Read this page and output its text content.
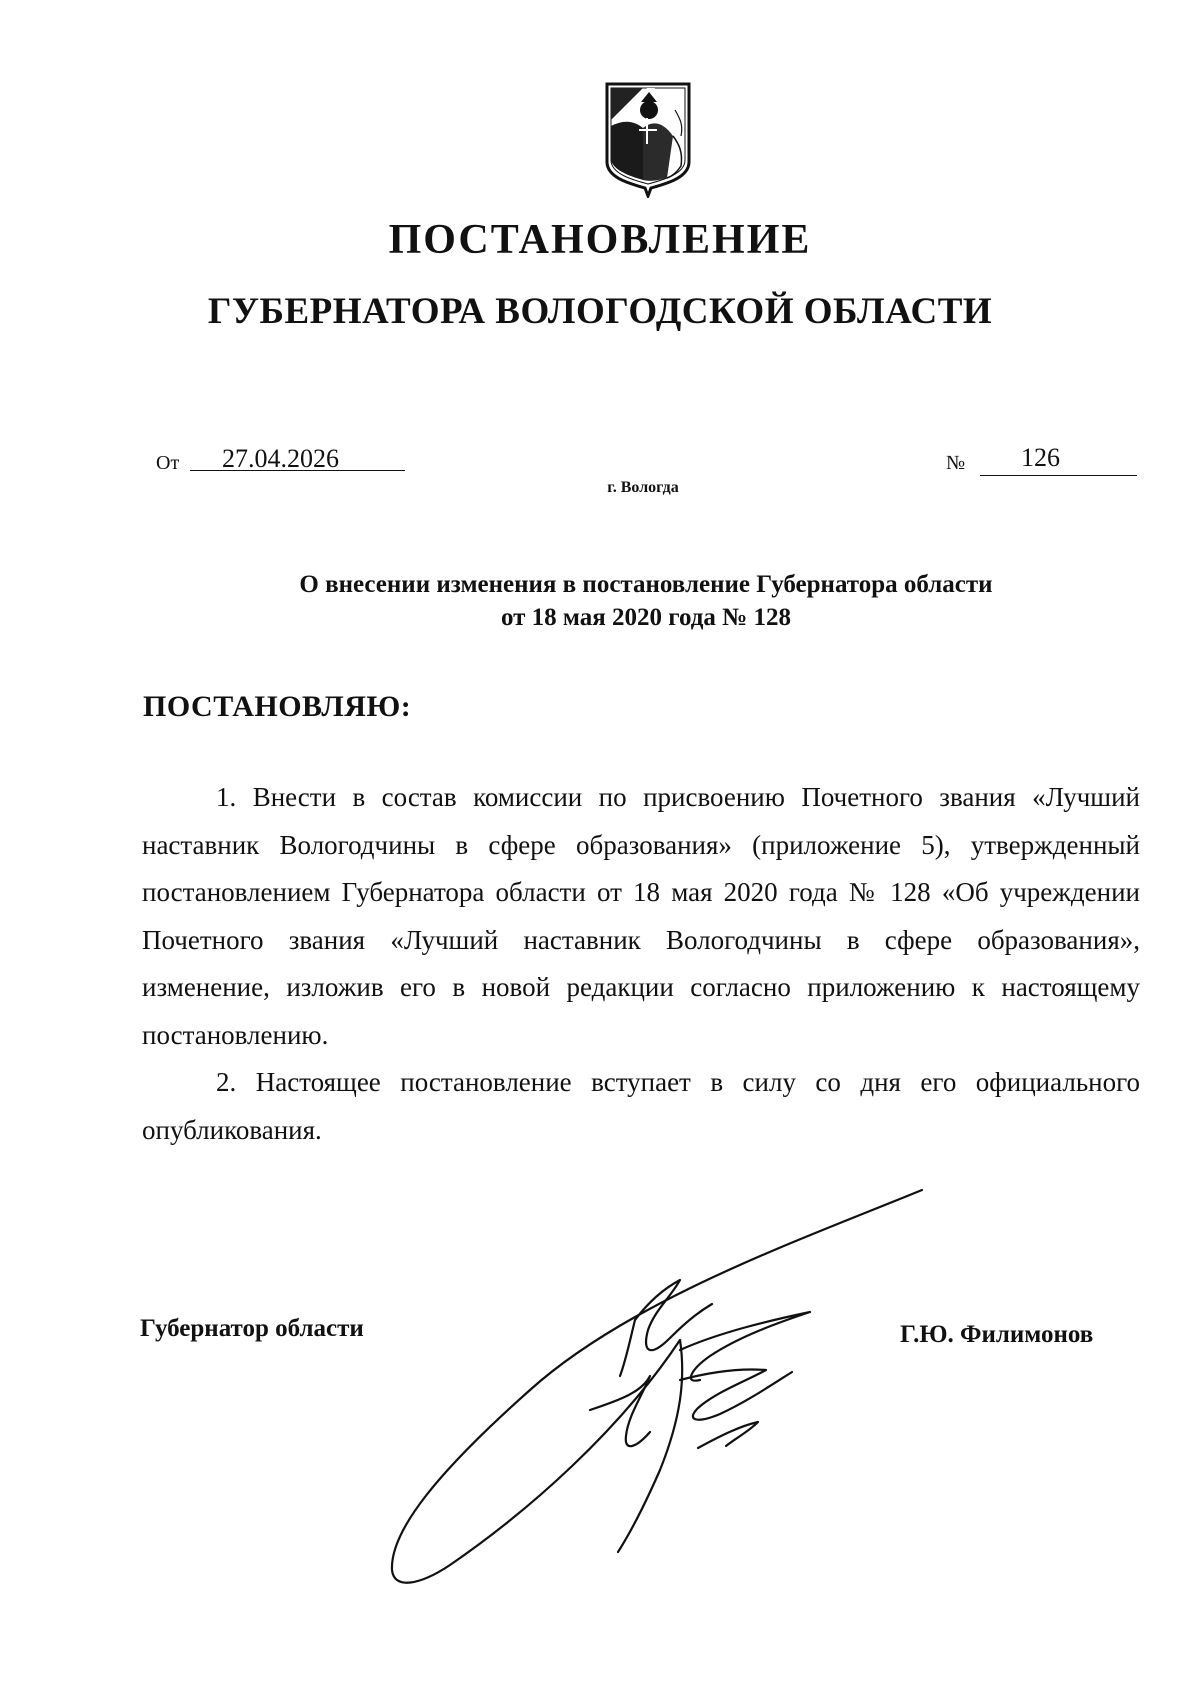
ПОСТАНОВЛЕНИЕ
ГУБЕРНАТОРА ВОЛОГОДСКОЙ ОБЛАСТИ
От 27.04.2026	№ 126
г. Вологда
О внесении изменения в постановление Губернатора области
от 18 мая 2020 года № 128
ПОСТАНОВЛЯЮ:

1. Внести в состав комиссии по присвоению Почетного звания «Лучший наставник Вологодчины в сфере образования» (приложение 5), утвержденный постановлением Губернатора области от 18 мая 2020 года № 128 «Об учреждении Почетного звания «Лучший наставник Вологодчины в сфере образования», изменение, изложив его в новой редакции согласно приложению к настоящему постановлению.

2. Настоящее постановление вступает в силу со дня его официального опубликования.

Губернатор области	Г.Ю. Филимонов
